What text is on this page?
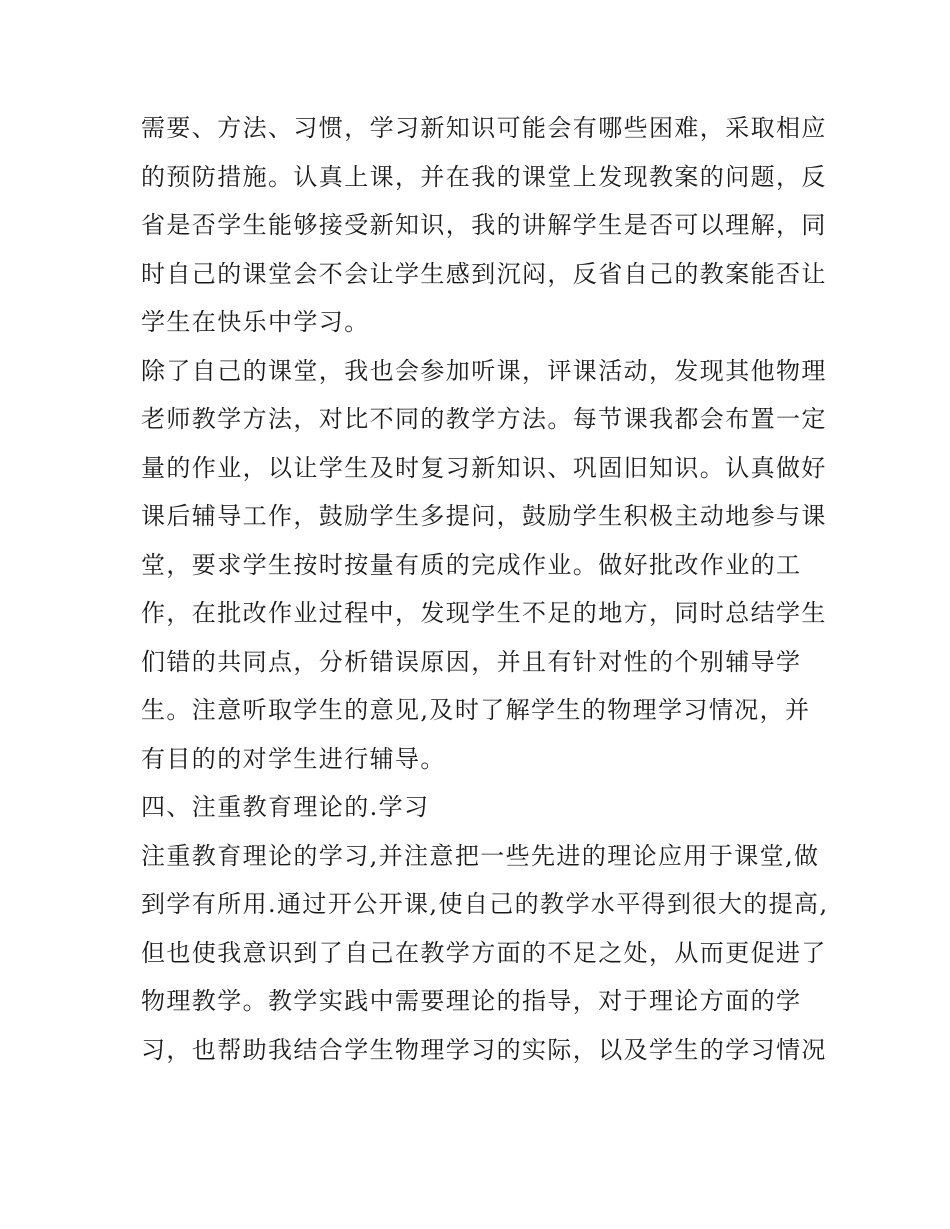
需要、方法、习惯，学习新知识可能会有哪些困难，采取相应
的预防措施。认真上课，并在我的课堂上发现教案的问题，反
省是否学生能够接受新知识，我的讲解学生是否可以理解，同
时自己的课堂会不会让学生感到沉闷，反省自己的教案能否让
学生在快乐中学习。
除了自己的课堂，我也会参加听课，评课活动，发现其他物理
老师教学方法，对比不同的教学方法。每节课我都会布置一定
量的作业，以让学生及时复习新知识、巩固旧知识。认真做好
课后辅导工作，鼓励学生多提问，鼓励学生积极主动地参与课
堂，要求学生按时按量有质的完成作业。做好批改作业的工
作，在批改作业过程中，发现学生不足的地方，同时总结学生
们错的共同点，分析错误原因，并且有针对性的个别辅导学
生。注意听取学生的意见,及时了解学生的物理学习情况，并
有目的的对学生进行辅导。
四、注重教育理论的.学习
注重教育理论的学习,并注意把一些先进的理论应用于课堂,做
到学有所用.通过开公开课,使自己的教学水平得到很大的提高,
但也使我意识到了自己在教学方面的不足之处，从而更促进了
物理教学。教学实践中需要理论的指导，对于理论方面的学
习，也帮助我结合学生物理学习的实际，以及学生的学习情况
